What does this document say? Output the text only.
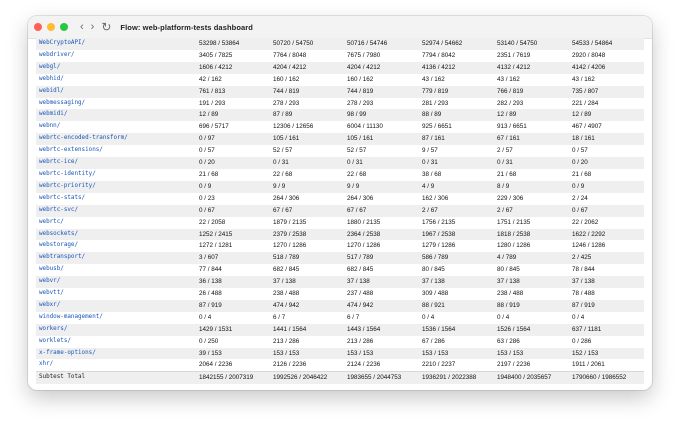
‹ › ↻ Flow: web-platform-tests dashboard
WebCryptoAPI/	53298 / 53864	50720 / 54750	50716 / 54746	52974 / 54662	53140 / 54750	54533 / 54864
webdriver/	3405 / 7825	7764 / 8048	7675 / 7980	7794 / 8042	2351 / 7619	2920 / 8048
webgl/	1606 / 4212	4204 / 4212	4204 / 4212	4136 / 4212	4132 / 4212	4142 / 4206
webhid/	42 / 162	160 / 162	160 / 162	43 / 162	43 / 162	43 / 162
webidl/	761 / 813	744 / 819	744 / 819	779 / 819	766 / 819	735 / 807
webmessaging/	191 / 293	278 / 293	278 / 293	281 / 293	282 / 293	221 / 284
webmidi/	12 / 89	87 / 89	98 / 99	88 / 89	12 / 89	12 / 89
webnn/	696 / 5717	12306 / 12656	6004 / 11130	925 / 6651	913 / 6651	467 / 4907
webrtc-encoded-transform/	0 / 97	105 / 161	105 / 161	87 / 161	67 / 161	18 / 161
webrtc-extensions/	0 / 57	52 / 57	52 / 57	9 / 57	2 / 57	0 / 57
webrtc-ice/	0 / 20	0 / 31	0 / 31	0 / 31	0 / 31	0 / 20
webrtc-identity/	21 / 68	22 / 68	22 / 68	38 / 68	21 / 68	21 / 68
webrtc-priority/	0 / 9	9 / 9	9 / 9	4 / 9	8 / 9	0 / 9
webrtc-stats/	0 / 23	264 / 306	264 / 306	162 / 306	229 / 306	2 / 24
webrtc-svc/	0 / 67	67 / 67	67 / 67	2 / 67	2 / 67	0 / 67
webrtc/	22 / 2058	1879 / 2135	1880 / 2135	1756 / 2135	1751 / 2135	22 / 2062
websockets/	1252 / 2415	2379 / 2538	2364 / 2538	1967 / 2538	1818 / 2538	1622 / 2292
webstorage/	1272 / 1281	1270 / 1286	1270 / 1286	1279 / 1286	1280 / 1286	1246 / 1286
webtransport/	3 / 607	518 / 789	517 / 789	586 / 789	4 / 789	2 / 425
webusb/	77 / 844	682 / 845	682 / 845	80 / 845	80 / 845	78 / 844
webvr/	36 / 138	37 / 138	37 / 138	37 / 138	37 / 138	37 / 138
webvtt/	26 / 488	238 / 488	237 / 488	309 / 488	238 / 488	78 / 488
webxr/	87 / 919	474 / 942	474 / 942	88 / 921	88 / 919	87 / 919
window-management/	0 / 4	6 / 7	6 / 7	0 / 4	0 / 4	0 / 4
workers/	1429 / 1531	1441 / 1564	1443 / 1564	1536 / 1564	1526 / 1564	637 / 1181
worklets/	0 / 250	213 / 286	213 / 286	67 / 286	63 / 286	0 / 286
x-frame-options/	39 / 153	153 / 153	153 / 153	153 / 153	153 / 153	152 / 153
xhr/	2064 / 2236	2126 / 2236	2124 / 2236	2210 / 2237	2197 / 2236	1911 / 2061
Subtest Total	1842155 / 2007319	1992526 / 2046422	1983655 / 2044753	1936291 / 2022388	1948400 / 2035657	1790660 / 1986552
